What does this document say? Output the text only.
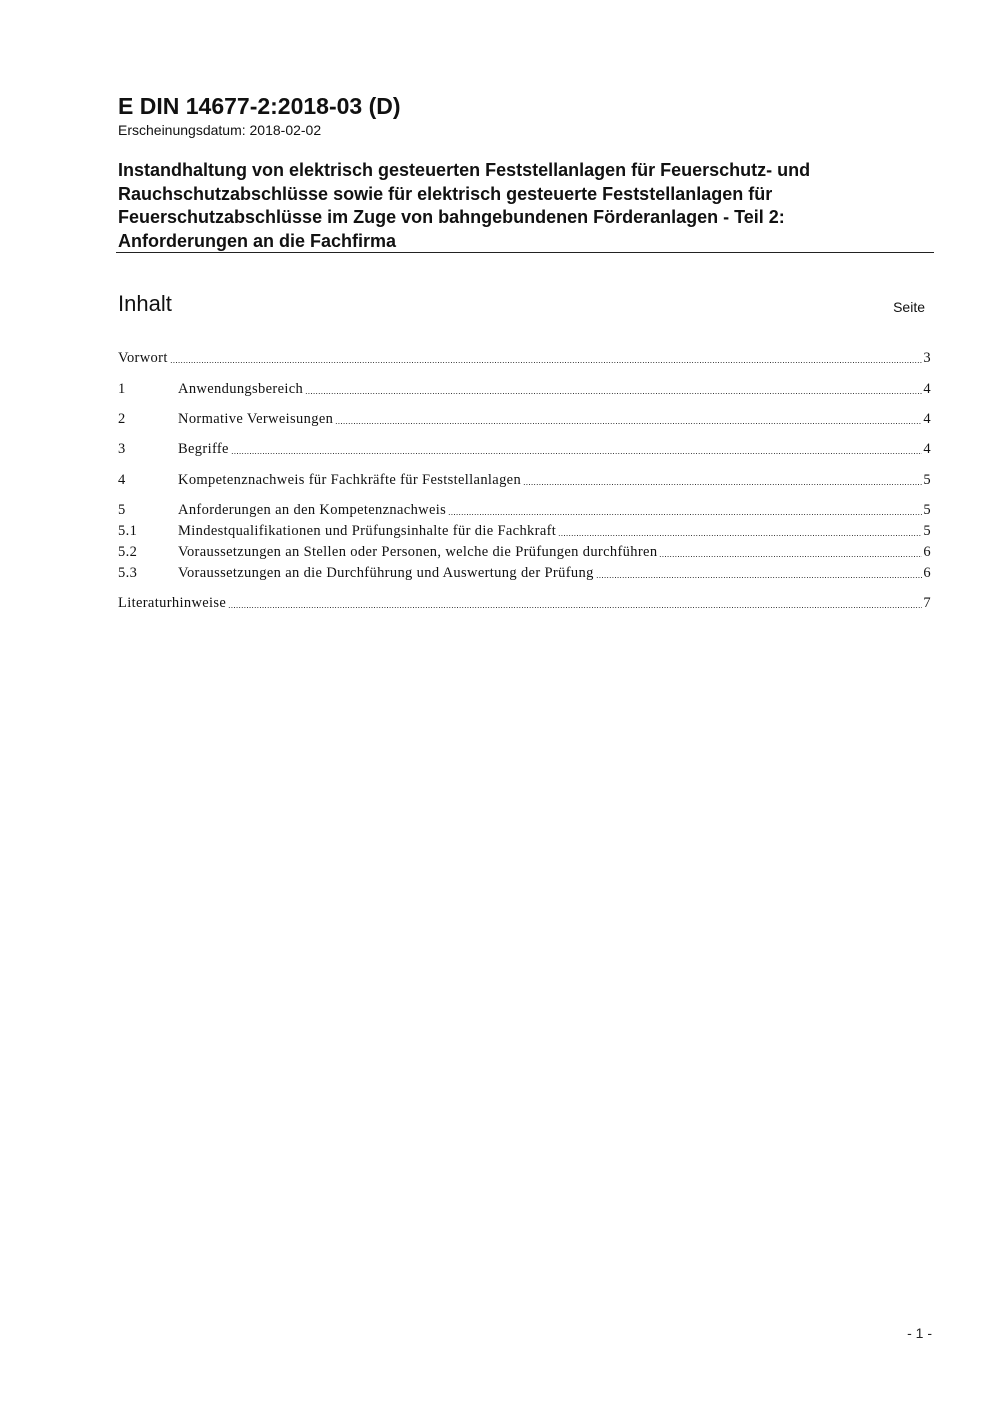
E DIN 14677-2:2018-03 (D)
Erscheinungsdatum: 2018-02-02
Instandhaltung von elektrisch gesteuerten Feststellanlagen für Feuerschutz- und
Rauchschutzabschlüsse sowie für elektrisch gesteuerte Feststellanlagen für
Feuerschutzabschlüsse im Zuge von bahngebundenen Förderanlagen - Teil 2:
Anforderungen an die Fachfirma
Inhalt	Seite
Vorwort	3
1	Anwendungsbereich	4
2	Normative Verweisungen	4
3	Begriffe	4
4	Kompetenznachweis für Fachkräfte für Feststellanlagen	5
5	Anforderungen an den Kompetenznachweis	5
5.1	Mindestqualifikationen und Prüfungsinhalte für die Fachkraft	5
5.2	Voraussetzungen an Stellen oder Personen, welche die Prüfungen durchführen	6
5.3	Voraussetzungen an die Durchführung und Auswertung der Prüfung	6
Literaturhinweise	7
- 1 -
